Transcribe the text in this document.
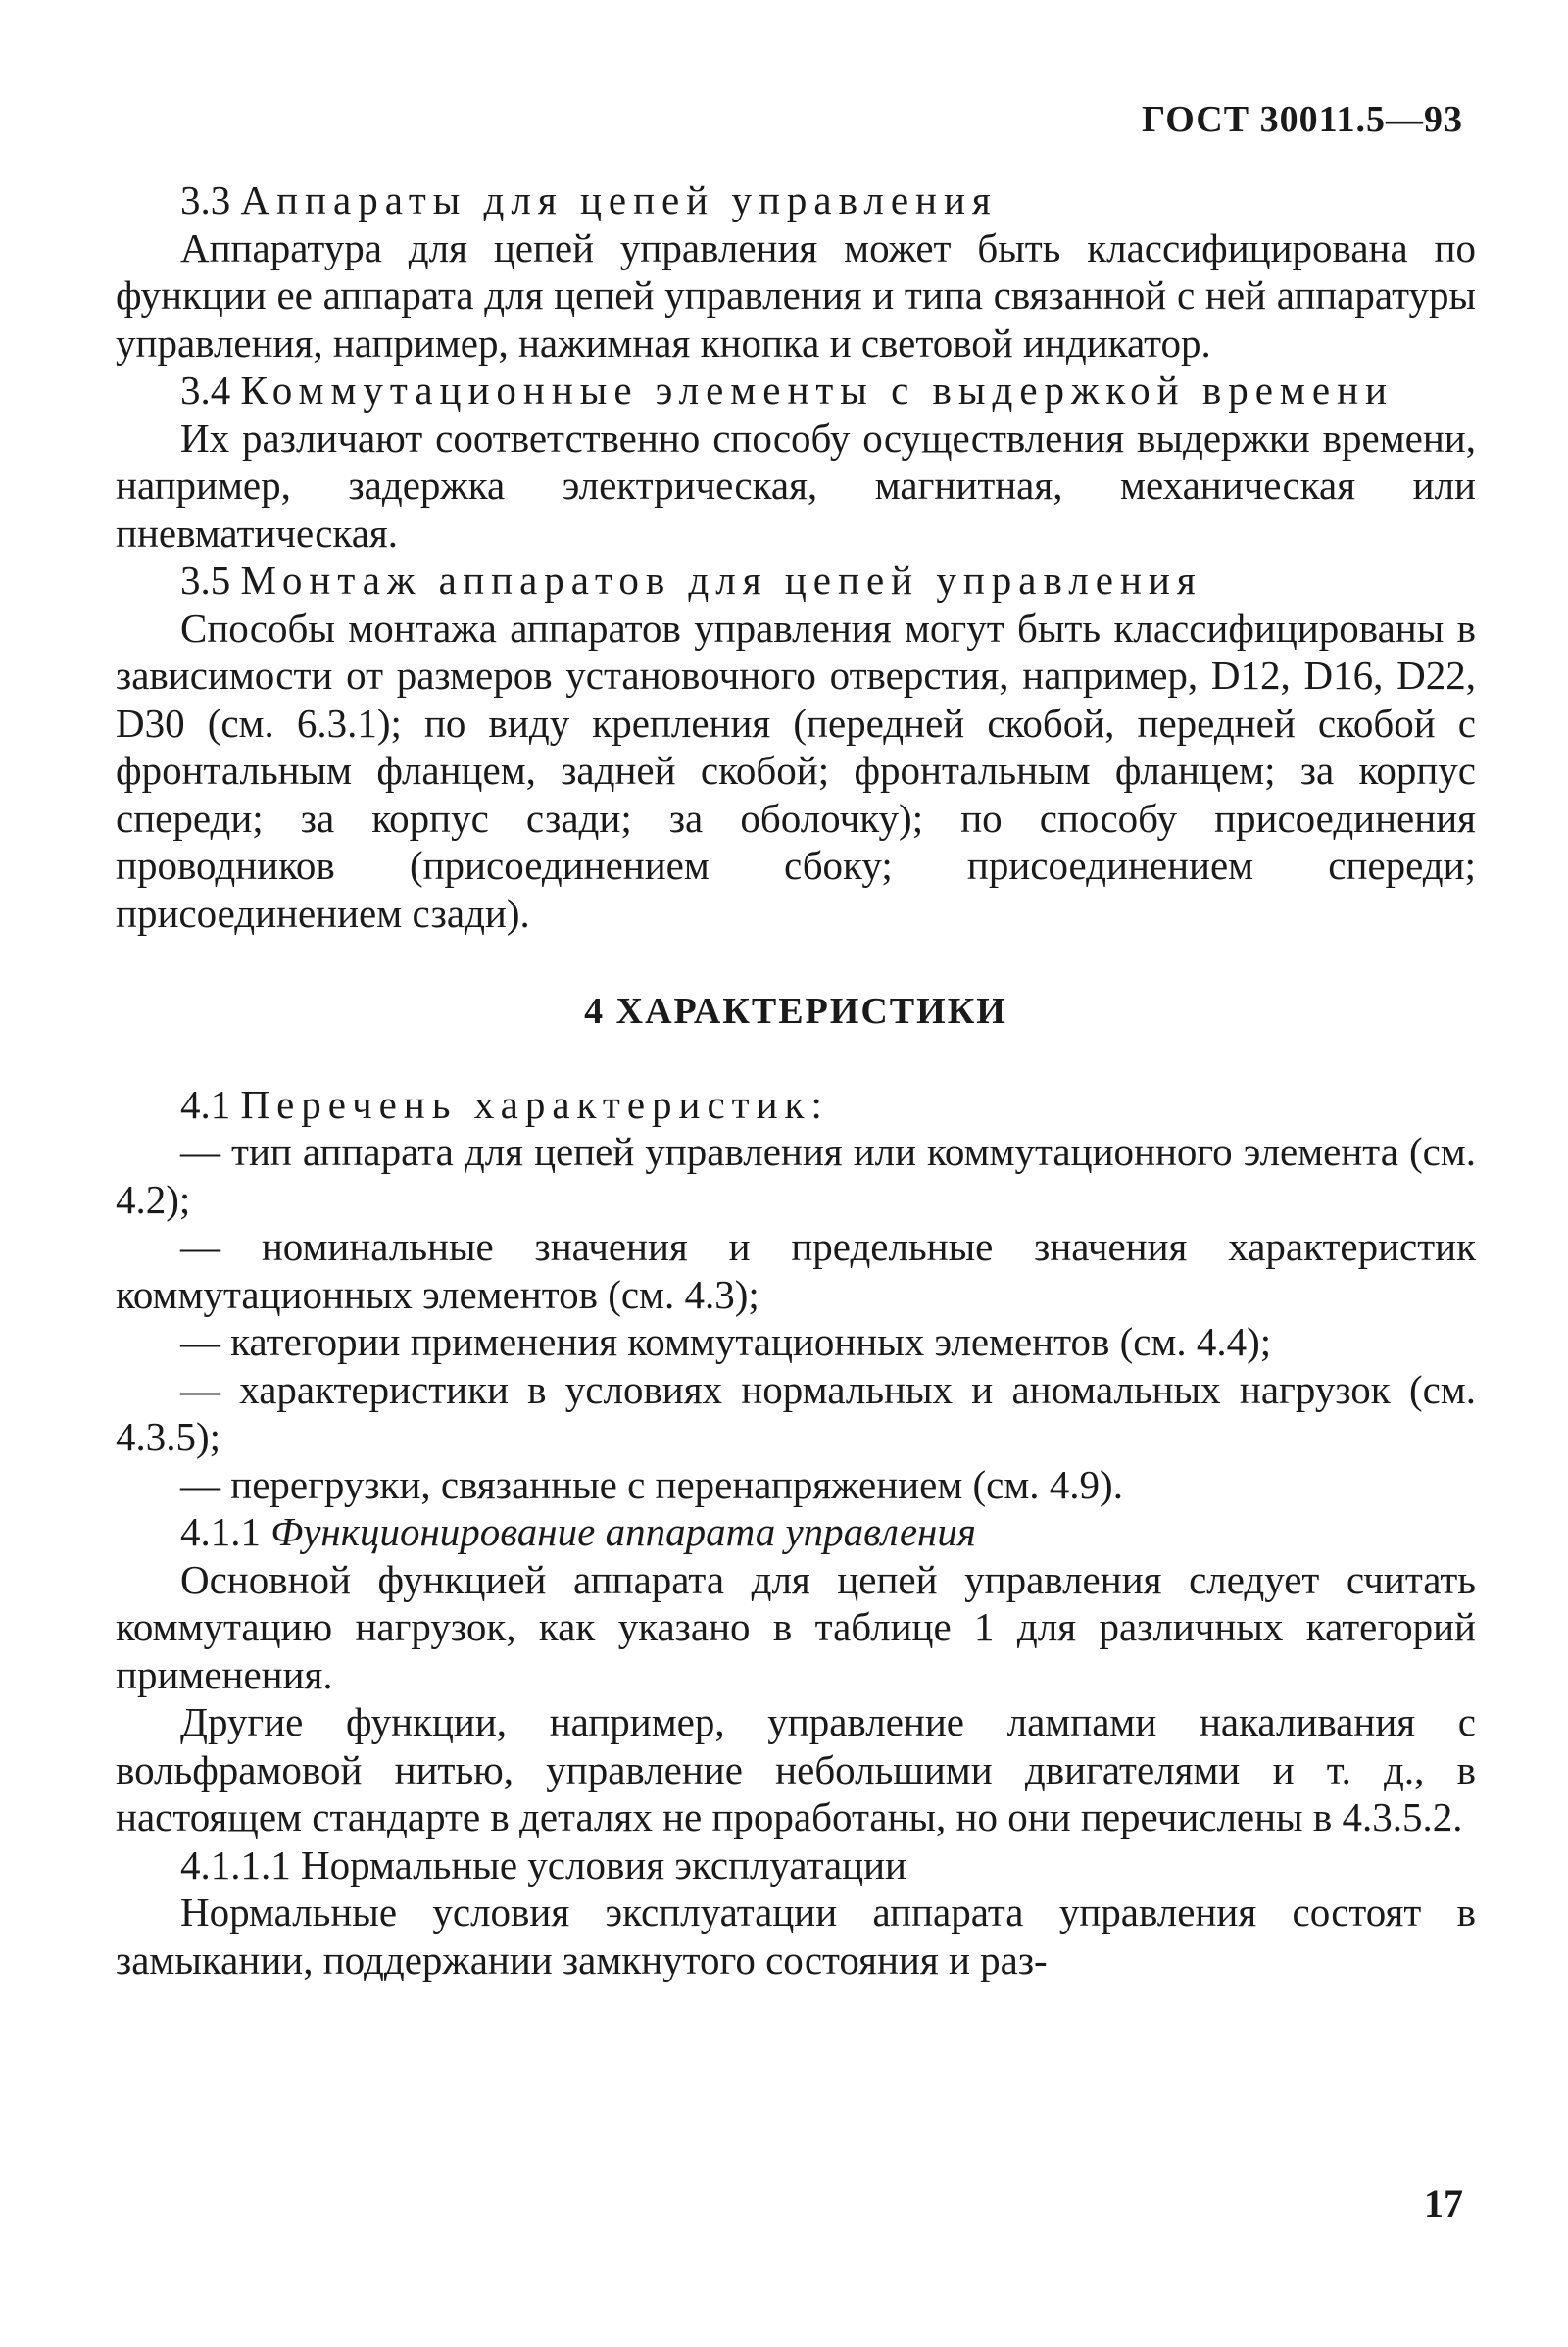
ГОСТ 30011.5—93

3.3 Аппараты для цепей управления

Аппаратура для цепей управления может быть классифицирована по функции ее аппарата для цепей управления и типа связанной с ней аппаратуры управления, например, нажимная кнопка и световой индикатор.

3.4 Коммутационные элементы с выдержкой времени

Их различают соответственно способу осуществления выдержки времени, например, задержка электрическая, магнитная, механическая или пневматическая.

3.5 Монтаж аппаратов для цепей управления

Способы монтажа аппаратов управления могут быть классифицированы в зависимости от размеров установочного отверстия, например, D12, D16, D22, D30 (см. 6.3.1); по виду крепления (передней скобой, передней скобой с фронтальным фланцем, задней скобой; фронтальным фланцем; за корпус спереди; за корпус сзади; за оболочку); по способу присоединения проводников (присоединением сбоку; присоединением спереди; присоединением сзади).

4 ХАРАКТЕРИСТИКИ

4.1 Перечень характеристик:

— тип аппарата для цепей управления или коммутационного элемента (см. 4.2);

— номинальные значения и предельные значения характеристик коммутационных элементов (см. 4.3);

— категории применения коммутационных элементов (см. 4.4);

— характеристики в условиях нормальных и аномальных нагрузок (см. 4.3.5);

— перегрузки, связанные с перенапряжением (см. 4.9).

4.1.1 Функционирование аппарата управления

Основной функцией аппарата для цепей управления следует считать коммутацию нагрузок, как указано в таблице 1 для различных категорий применения.

Другие функции, например, управление лампами накаливания с вольфрамовой нитью, управление небольшими двигателями и т. д., в настоящем стандарте в деталях не проработаны, но они перечислены в 4.3.5.2.

4.1.1.1 Нормальные условия эксплуатации

Нормальные условия эксплуатации аппарата управления состоят в замыкании, поддержании замкнутого состояния и раз-

17
